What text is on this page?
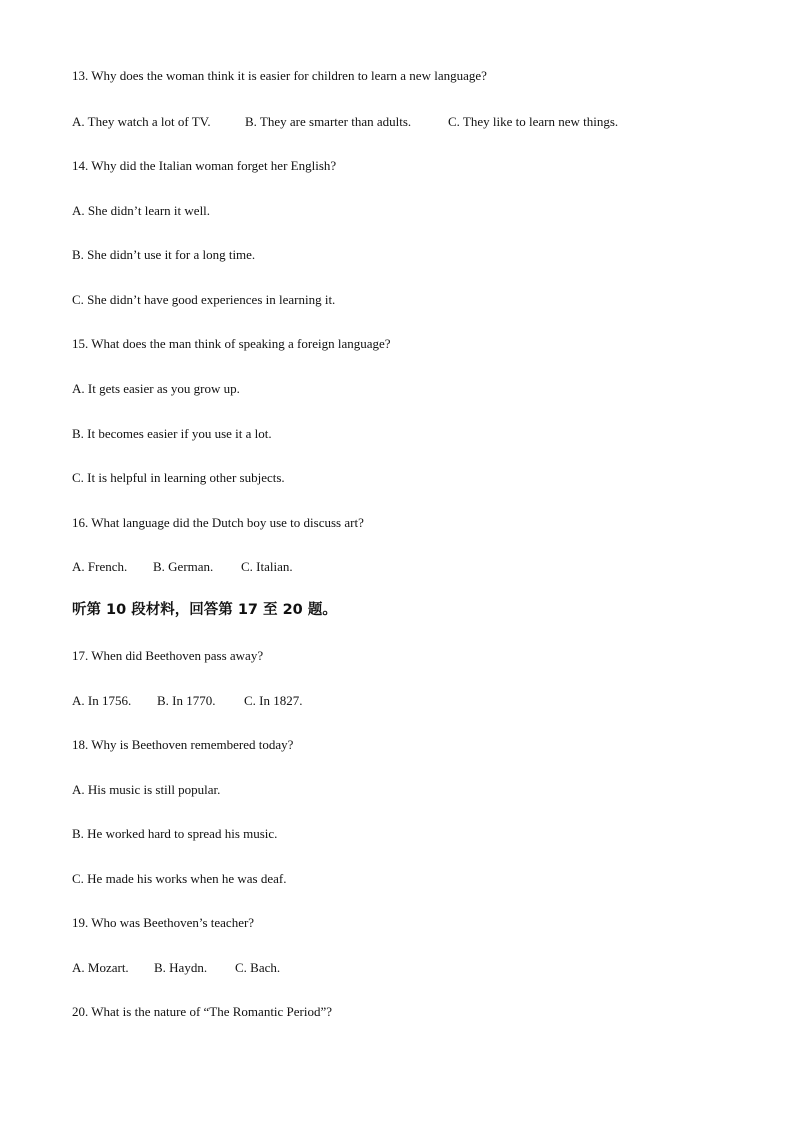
13. Why does the woman think it is easier for children to learn a new language?
A. They watch a lot of TV.	B. They are smarter than adults.	C. They like to learn new things.
14. Why did the Italian woman forget her English?
A. She didn’t learn it well.
B. She didn’t use it for a long time.
C. She didn’t have good experiences in learning it.
15. What does the man think of speaking a foreign language?
A. It gets easier as you grow up.
B. It becomes easier if you use it a lot.
C. It is helpful in learning other subjects.
16. What language did the Dutch boy use to discuss art?
A. French. B. German. C. Italian.
听第 10 段材料，回答第 17 至 20 题。
17. When did Beethoven pass away?
A. In 1756. B. In 1770. C. In 1827.
18. Why is Beethoven remembered today?
A. His music is still popular.
B. He worked hard to spread his music.
C. He made his works when he was deaf.
19. Who was Beethoven’s teacher?
A. Mozart. B. Haydn. C. Bach.
20. What is the nature of “The Romantic Period”?
